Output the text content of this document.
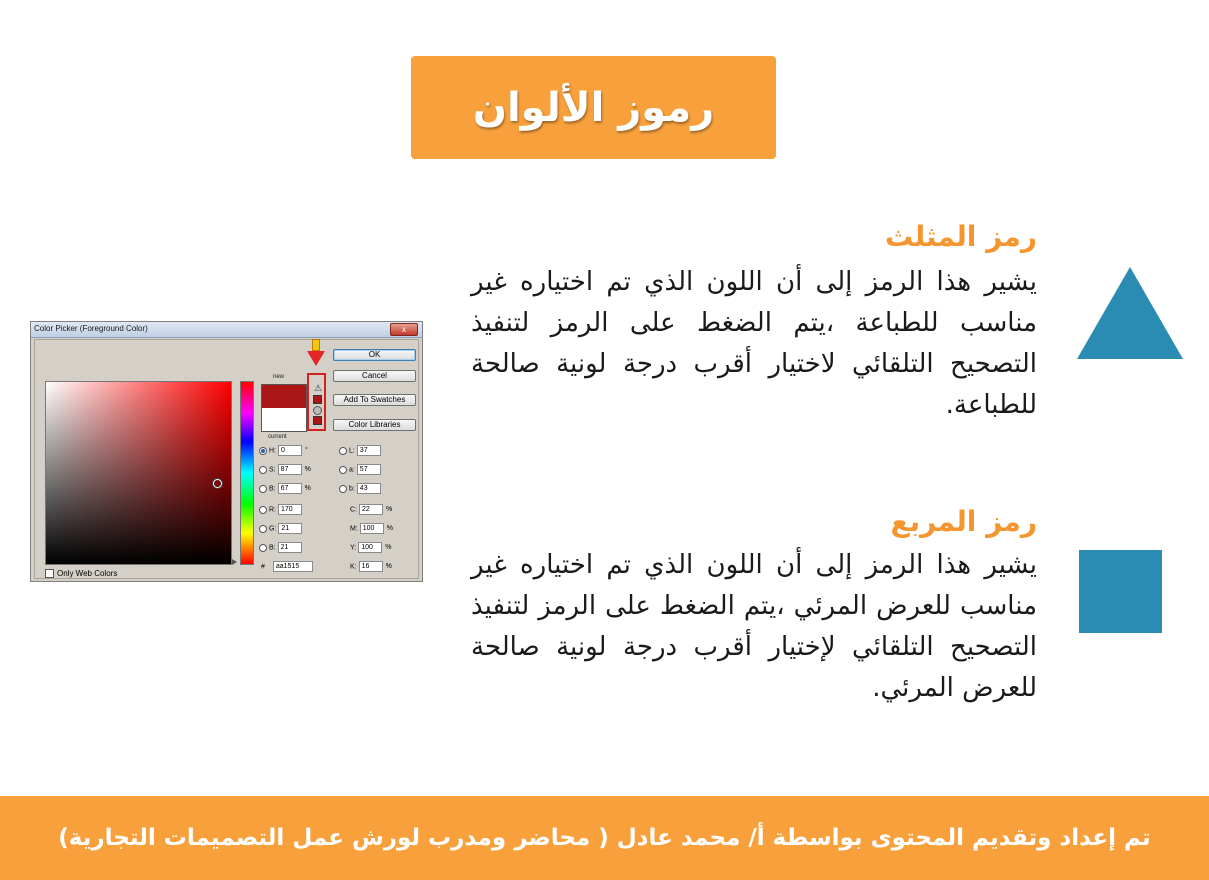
رموز الألوان
رمز المثلث
يشير هذا الرمز إلى أن اللون الذي تم اختياره غير مناسب للطباعة ،يتم الضغط على الرمز لتنفيذ التصحيح التلقائي لاختيار أقرب درجة لونية صالحة للطباعة.
رمز المربع
يشير هذا الرمز إلى أن اللون الذي تم اختياره غير مناسب للعرض المرئي ،يتم الضغط على الرمز لتنفيذ التصحيح التلقائي لإختيار أقرب درجة لونية صالحة للعرض المرئي.
تم إعداد وتقديم المحتوى بواسطة أ/ محمد عادل ( محاضر ومدرب لورش عمل التصميمات التجارية)
Color Picker (Foreground Color)	x
new
current
⚠
OK
Cancel
Add To Swatches
Color Libraries
H: 0	°
S: 87 %
B: 67 %
R: 170
G: 21
B: 21
# aa1515
L: 37
a: 57
b: 43
C: 22 %
M: 100 %
Y: 100 %
K: 16 %
Only Web Colors
